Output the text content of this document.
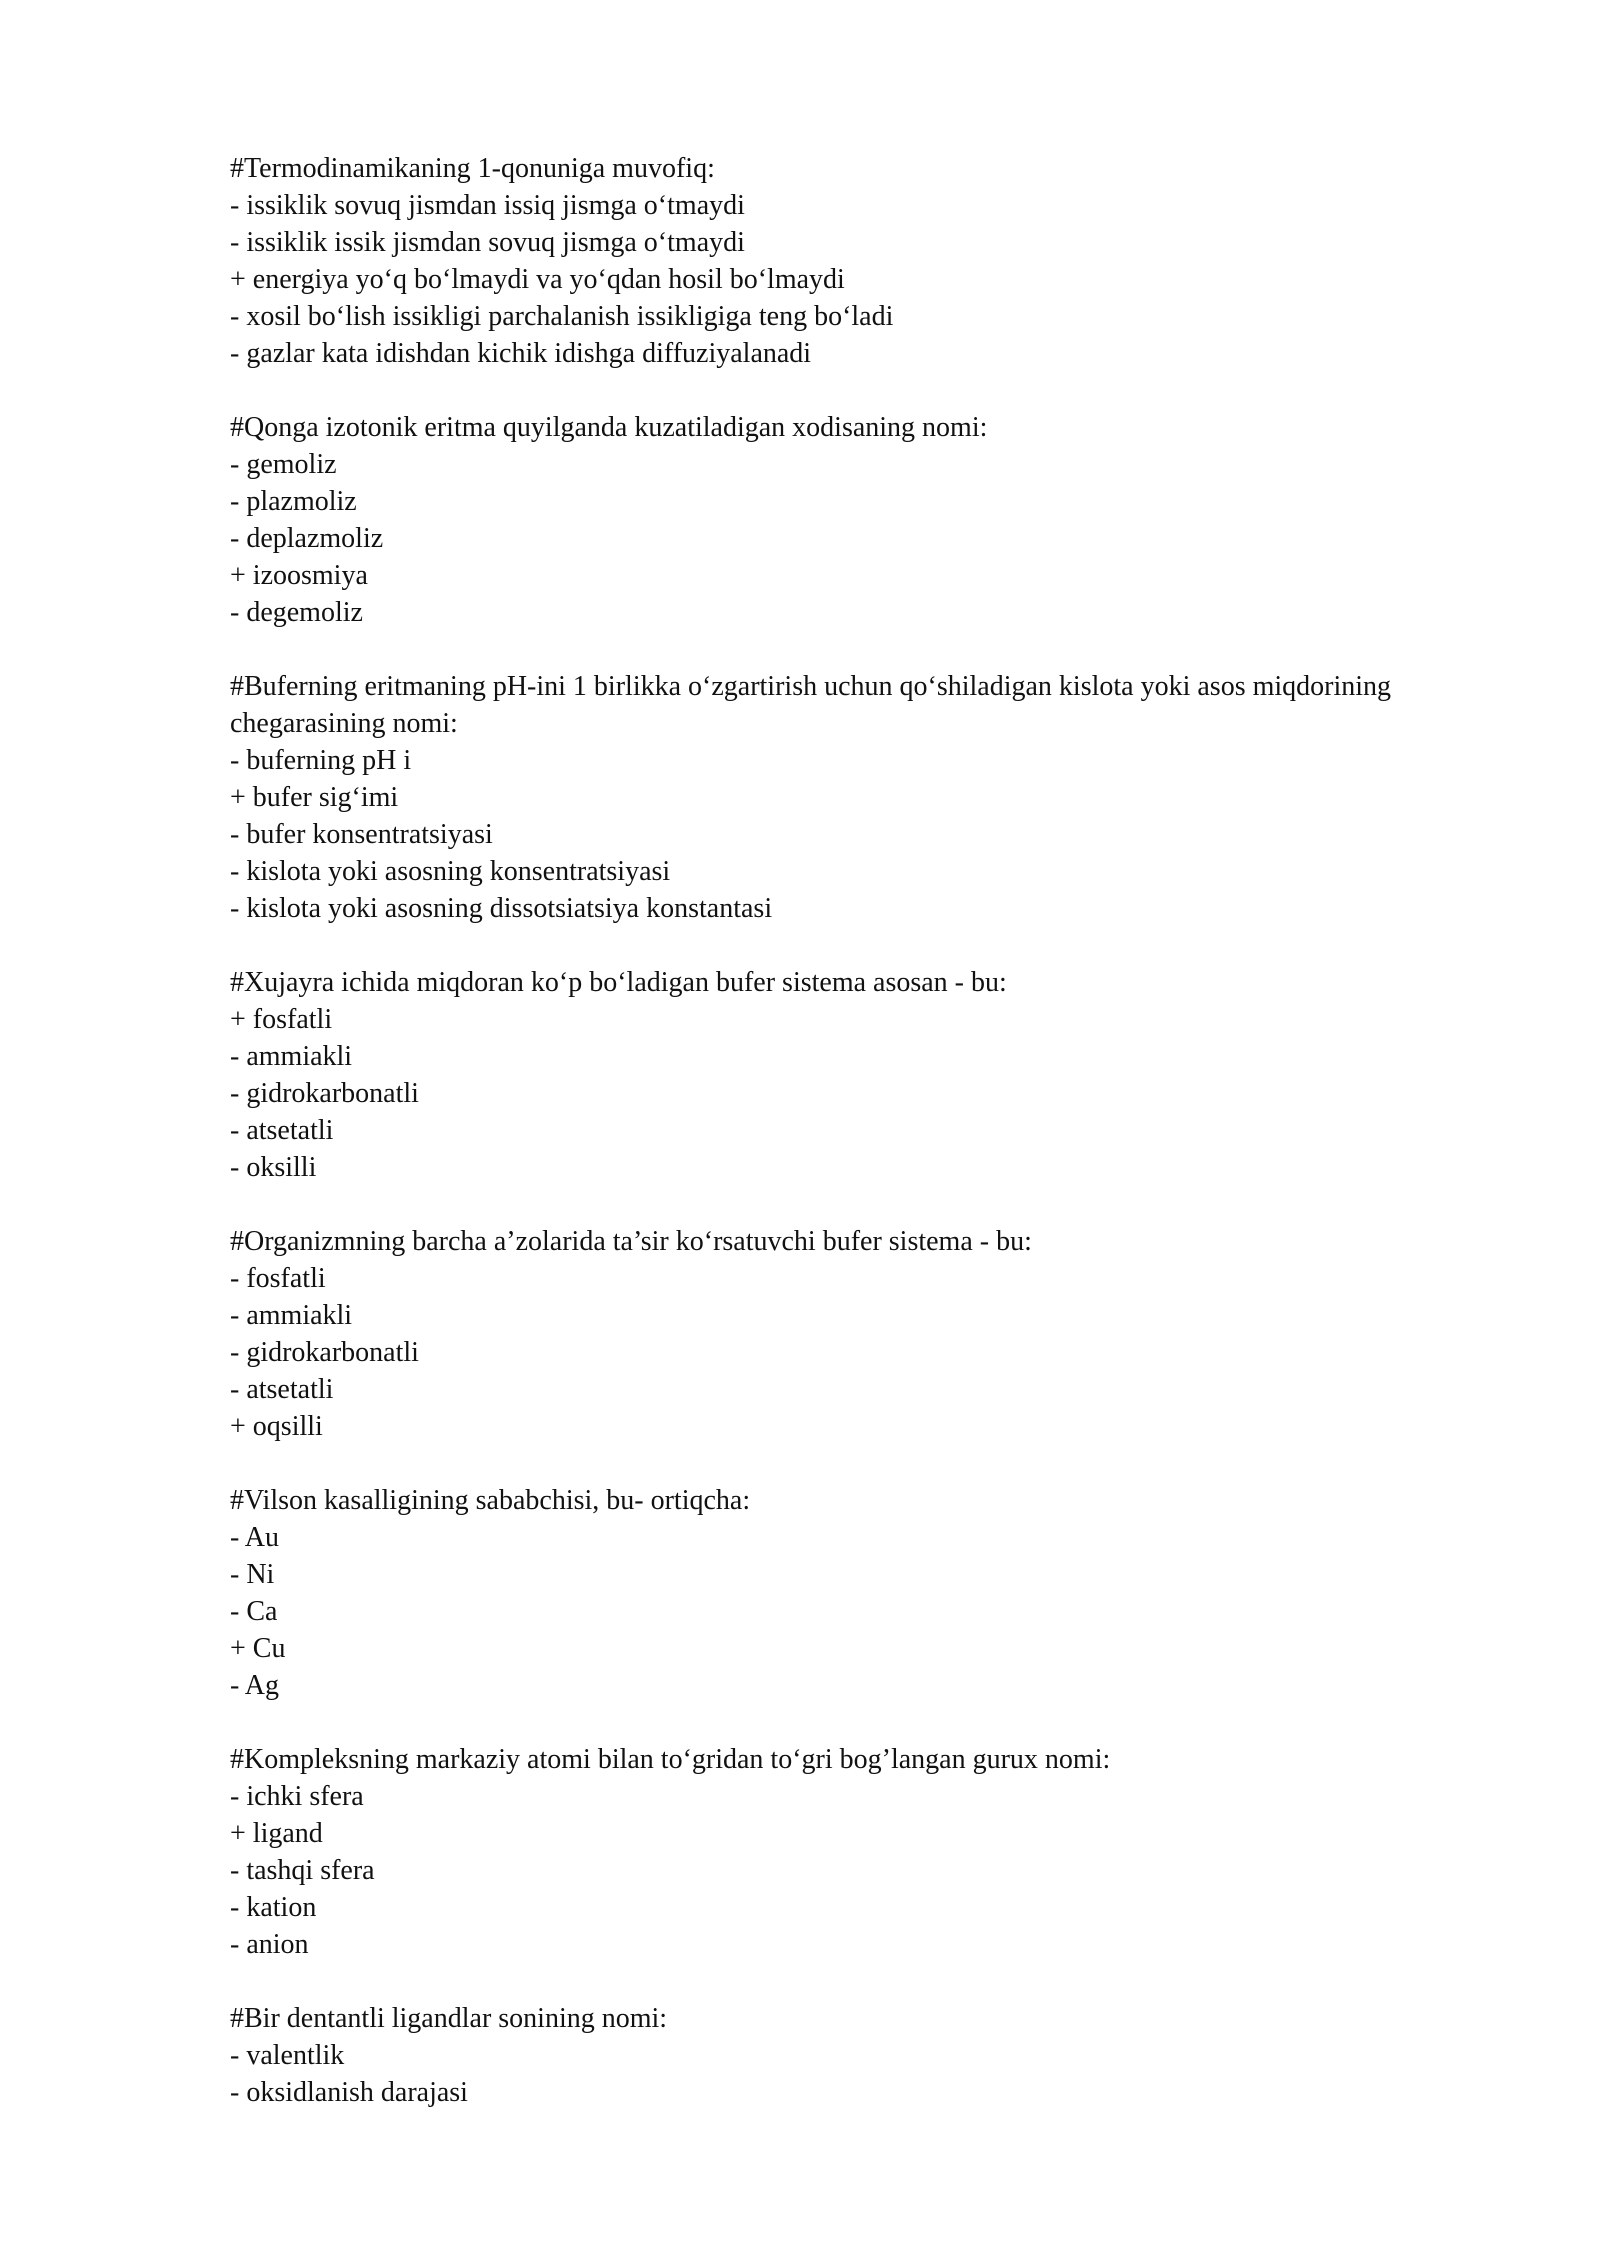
#Termodinamikaning 1-qonuniga muvofiq:

- issiklik sovuq jismdan issiq jismga o‘tmaydi
- issiklik issik jismdan sovuq jismga o‘tmaydi
+ energiya yo‘q bo‘lmaydi va yo‘qdan hosil bo‘lmaydi
- xosil bo‘lish issikligi parchalanish issikligiga teng bo‘ladi
- gazlar kata idishdan kichik idishga diffuziyalanadi

#Qonga izotonik eritma quyilganda kuzatiladigan xodisaning nomi:

- gemoliz
- plazmoliz
- deplazmoliz
+ izoosmiya
- degemoliz

#Buferning eritmaning pH-ini 1 birlikka o‘zgartirish uchun qo‘shiladigan kislota yoki asos miqdorining chegarasining nomi:

- buferning pH i
+ bufer sig‘imi
- bufer konsentratsiyasi
- kislota yoki asosning konsentratsiyasi
- kislota yoki asosning dissotsiatsiya konstantasi

#Xujayra ichida miqdoran ko‘p bo‘ladigan bufer sistema asosan - bu:

+ fosfatli
- ammiakli
- gidrokarbonatli
- atsetatli
- oksilli

#Organizmning barcha a’zolarida ta’sir ko‘rsatuvchi bufer sistema - bu:

- fosfatli
- ammiakli
- gidrokarbonatli
- atsetatli
+ oqsilli

#Vilson kasalligining sababchisi, bu- ortiqcha:

- Au
- Ni
- Ca
+ Cu
- Ag

#Kompleksning markaziy atomi bilan to‘gridan to‘gri bog’langan gurux nomi:

- ichki sfera
+ ligand
- tashqi sfera
- kation
- anion

#Bir dentantli ligandlar sonining nomi:

- valentlik
- oksidlanish darajasi
